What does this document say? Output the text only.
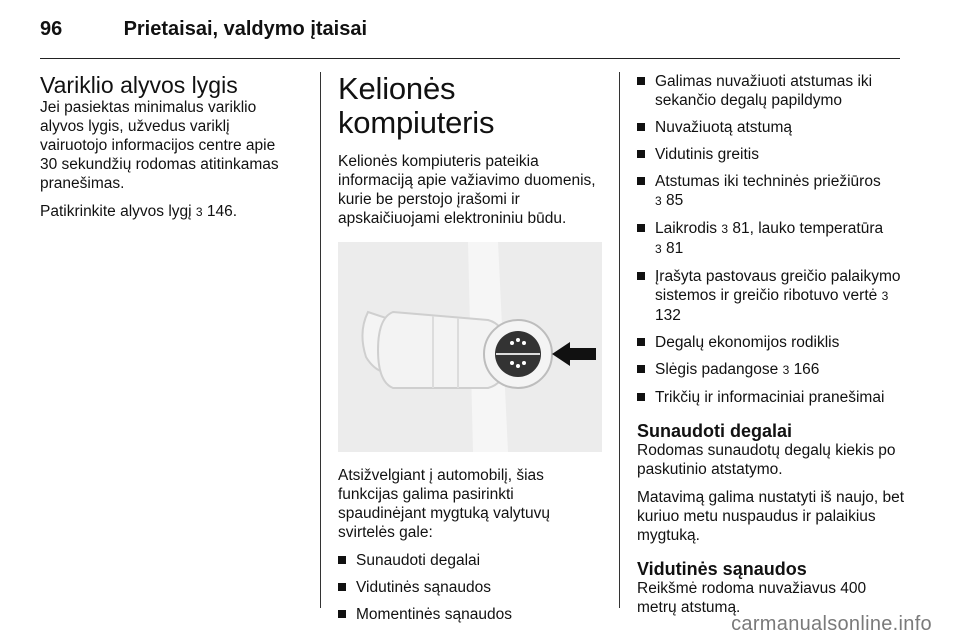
96	Prietaisai, valdymo įtaisai
Variklio alyvos lygis

Jei pasiektas minimalus variklio alyvos lygis, užvedus variklį vairuotojo informacijos centre apie 30 sekundžių rodomas atitinkamas pranešimas.

Patikrinkite alyvos lygį 3 146.

Kelionės kompiuteris

Kelionės kompiuteris pateikia informaciją apie važiavimo duomenis, kurie be perstojo įrašomi ir apskaičiuojami elektroniniu būdu.

Atsižvelgiant į automobilį, šias funkcijas galima pasirinkti spaudinėjant mygtuką valytuvų svirtelės gale:

Sunaudoti degalai
Vidutinės sąnaudos
Momentinės sąnaudos
Galimas nuvažiuoti atstumas iki sekančio degalų papildymo
Nuvažiuotą atstumą
Vidutinis greitis
Atstumas iki techninės priežiūros
3 85
Laikrodis 3 81, lauko temperatūra
3 81
Įrašyta pastovaus greičio palaikymo sistemos ir greičio ribotuvo vertė 3 132
Degalų ekonomijos rodiklis
Slėgis padangose 3 166
Trikčių ir informaciniai pranešimai
Sunaudoti degalai

Rodomas sunaudotų degalų kiekis po paskutinio atstatymo.

Matavimą galima nustatyti iš naujo, bet kuriuo metu nuspaudus ir palaikius mygtuką.

Vidutinės sąnaudos

Reikšmė rodoma nuvažiavus 400 metrų atstumą.

carmanualsonline.info
